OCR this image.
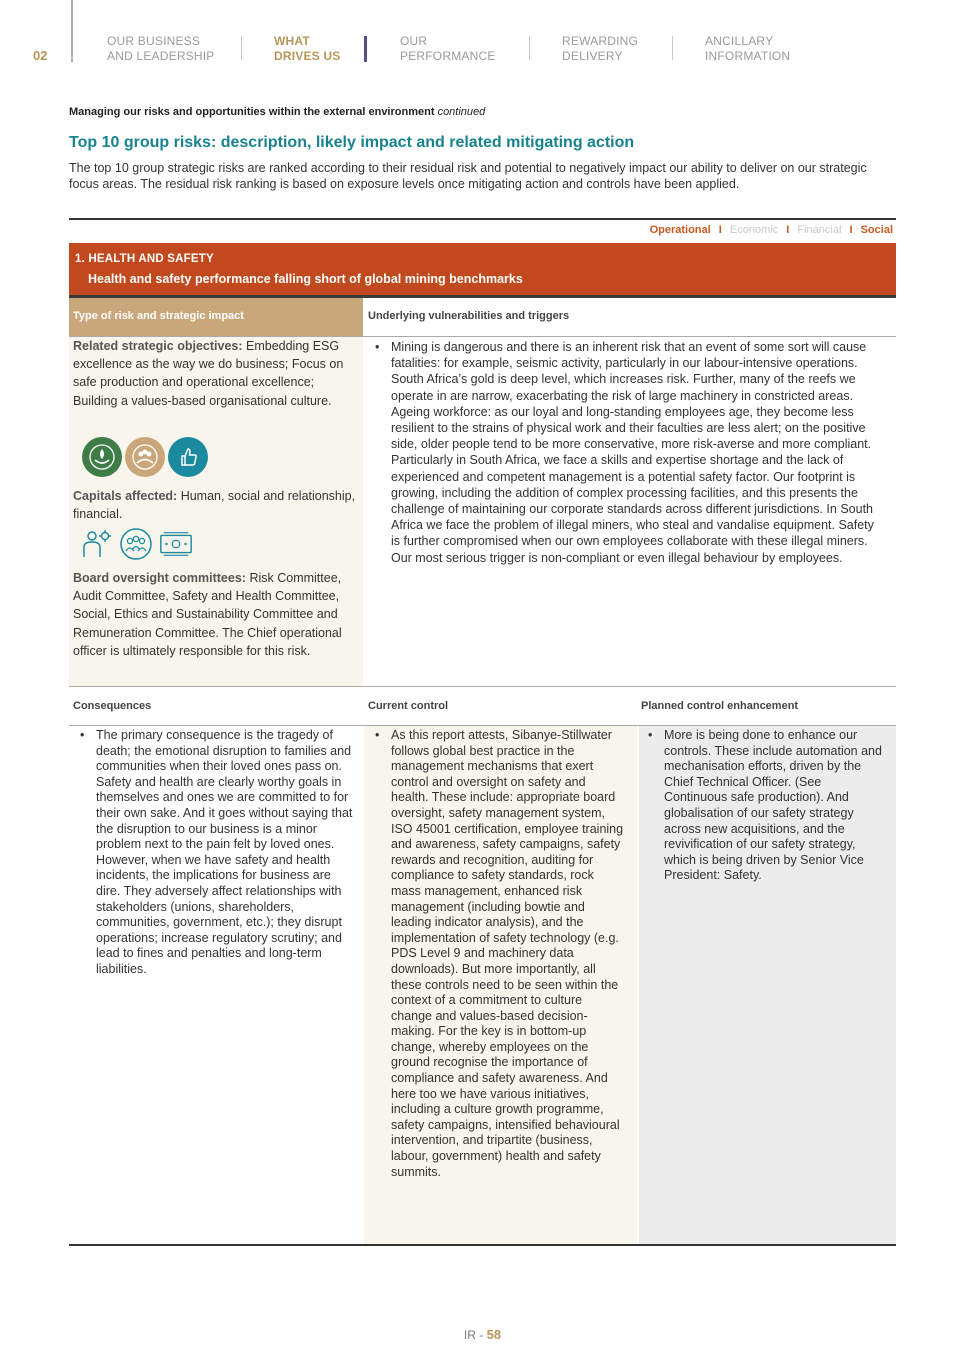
02
OUR BUSINESS
AND LEADERSHIP
WHAT
DRIVES US
OUR
PERFORMANCE
REWARDING
DELIVERY
ANCILLARY
INFORMATION
Managing our risks and opportunities within the external environment continued
Top 10 group risks: description, likely impact and related mitigating action

The top 10 group strategic risks are ranked according to their residual risk and potential to negatively impact our ability to deliver on our strategic focus areas. The residual risk ranking is based on exposure levels once mitigating action and controls have been applied.

Operational I Economic I Financial I Social
1. HEALTH AND SAFETY
Health and safety performance falling short of global mining benchmarks
Type of risk and strategic impact	Underlying vulnerabilities and triggers

Related strategic objectives: Embedding ESG excellence as the way we do business; Focus on safe production and operational excellence; Building a values-based organisational culture.

Capitals affected: Human, social and relationship, financial.

Board oversight committees: Risk Committee, Audit Committee, Safety and Health Committee, Social, Ethics and Sustainability Committee and Remuneration Committee. The Chief operational officer is ultimately responsible for this risk.

• Mining is dangerous and there is an inherent risk that an event of some sort will cause fatalities: for example, seismic activity, particularly in our labour-intensive operations. South Africa’s gold is deep level, which increases risk. Further, many of the reefs we operate in are narrow, exacerbating the risk of large machinery in constricted areas. Ageing workforce: as our loyal and long-standing employees age, they become less resilient to the strains of physical work and their faculties are less alert; on the positive side, older people tend to be more conservative, more risk-averse and more compliant. Particularly in South Africa, we face a skills and expertise shortage and the lack of experienced and competent management is a potential safety factor. Our footprint is growing, including the addition of complex processing facilities, and this presents the challenge of maintaining our corporate standards across different jurisdictions. In South Africa we face the problem of illegal miners, who steal and vandalise equipment. Safety is further compromised when our own employees collaborate with these illegal miners. Our most serious trigger is non-compliant or even illegal behaviour by employees.
Consequences	Current control	Planned control enhancement
• The primary consequence is the tragedy of death; the emotional disruption to families and communities when their loved ones pass on. Safety and health are clearly worthy goals in themselves and ones we are committed to for their own sake. And it goes without saying that the disruption to our business is a minor problem next to the pain felt by loved ones. However, when we have safety and health incidents, the implications for business are dire. They adversely affect relationships with stakeholders (unions, shareholders, communities, government, etc.); they disrupt operations; increase regulatory scrutiny; and lead to fines and penalties and long-term liabilities.
• As this report attests, Sibanye-Stillwater follows global best practice in the management mechanisms that exert control and oversight on safety and health. These include: appropriate board oversight, safety management system, ISO 45001 certification, employee training and awareness, safety campaigns, safety rewards and recognition, auditing for compliance to safety standards, rock mass management, enhanced risk management (including bowtie and leading indicator analysis), and the implementation of safety technology (e.g. PDS Level 9 and machinery data downloads). But more importantly, all these controls need to be seen within the context of a commitment to culture change and values-based decision-making. For the key is in bottom-up change, whereby employees on the ground recognise the importance of compliance and safety awareness. And here too we have various initiatives, including a culture growth programme, safety campaigns, intensified behavioural intervention, and tripartite (business, labour, government) health and safety summits.
• More is being done to enhance our controls. These include automation and mechanisation efforts, driven by the Chief Technical Officer. (See Continuous safe production). And globalisation of our safety strategy across new acquisitions, and the revivification of our safety strategy, which is being driven by Senior Vice President: Safety.
IR - 58
